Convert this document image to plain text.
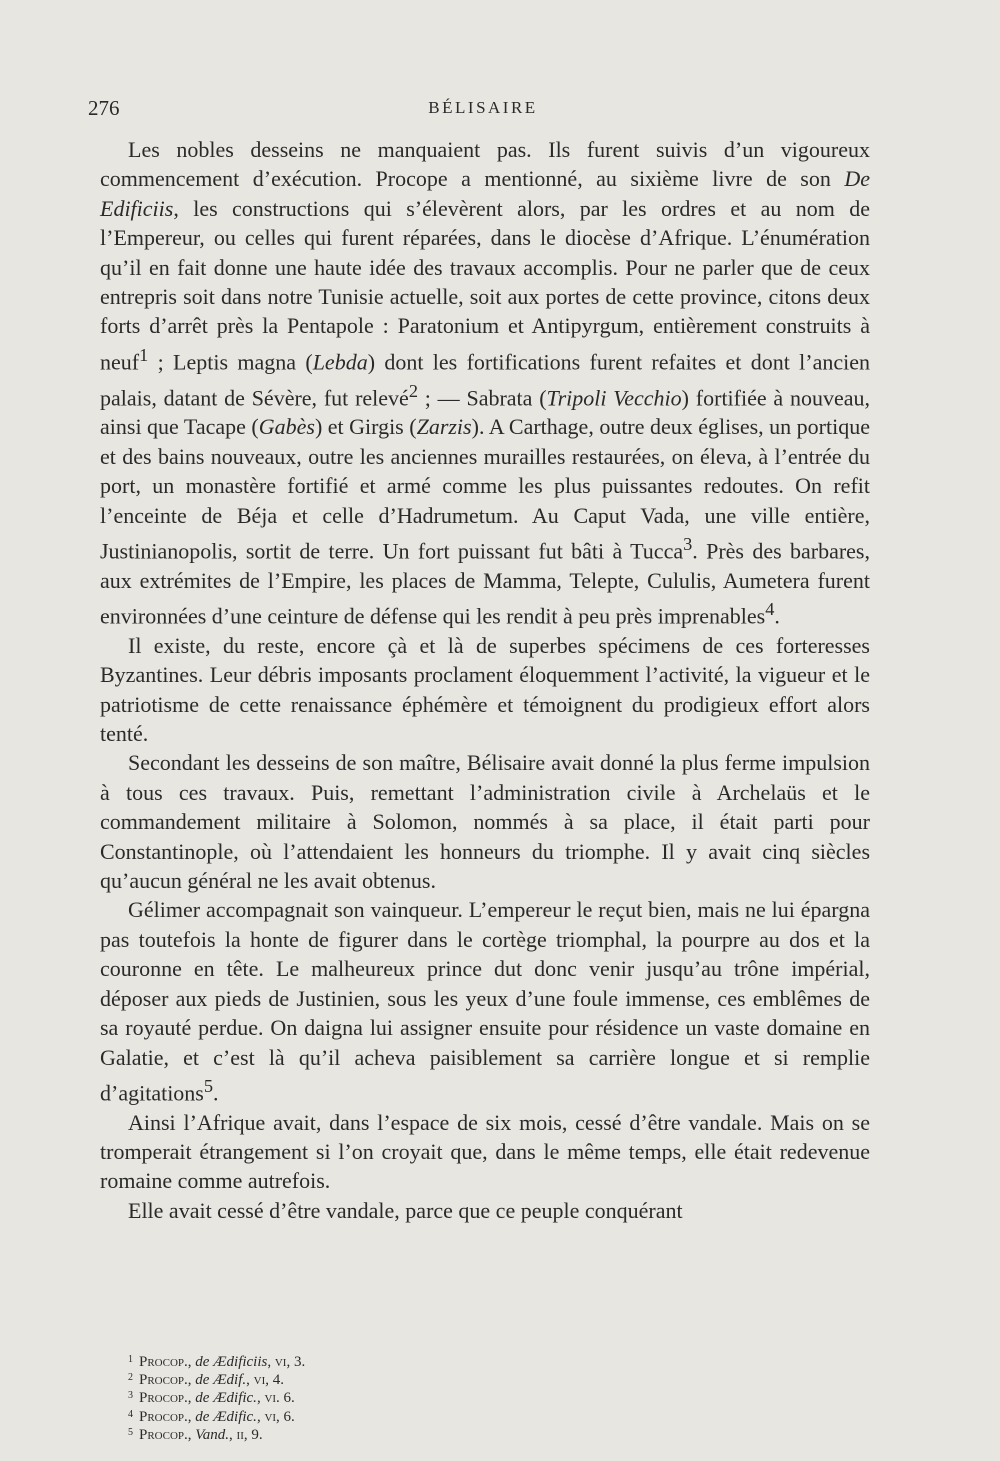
276	BÉLISAIRE

Les nobles desseins ne manquaient pas. Ils furent suivis d’un vigoureux commencement d’exécution. Procope a mentionné, au sixième livre de son De Edificiis, les constructions qui s’élevèrent alors, par les ordres et au nom de l’Empereur, ou celles qui furent réparées, dans le diocèse d’Afrique. L’énumération qu’il en fait donne une haute idée des travaux accomplis. Pour ne parler que de ceux entrepris soit dans notre Tunisie actuelle, soit aux portes de cette province, citons deux forts d’arrêt près la Pentapole : Paratonium et Antipyrgum, entièrement construits à neuf$^1$ ; Leptis magna (Lebda) dont les fortifications furent refaites et dont l’ancien palais, datant de Sévère, fut relevé$^2$ ; — Sabrata (Tripoli Vecchio) fortifiée à nouveau, ainsi que Tacape (Gabès) et Girgis (Zarzis). A Carthage, outre deux églises, un portique et des bains nouveaux, outre les anciennes murailles restaurées, on éleva, à l’entrée du port, un monastère fortifié et armé comme les plus puissantes redoutes. On refit l’enceinte de Béja et celle d’Hadrumetum. Au Caput Vada, une ville entière, Justinianopolis, sortit de terre. Un fort puissant fut bâti à Tucca$^3$. Près des barbares, aux extrémites de l’Empire, les places de Mamma, Telepte, Cululis, Aumetera furent environnées d’une ceinture de défense qui les rendit à peu près imprenables$^4$.

Il existe, du reste, encore çà et là de superbes spécimens de ces forteresses Byzantines. Leur débris imposants proclament éloquemment l’activité, la vigueur et le patriotisme de cette renaissance éphémère et témoignent du prodigieux effort alors tenté.

Secondant les desseins de son maître, Bélisaire avait donné la plus ferme impulsion à tous ces travaux. Puis, remettant l’administration civile à Archelaüs et le commandement militaire à Solomon, nommés à sa place, il était parti pour Constantinople, où l’attendaient les honneurs du triomphe. Il y avait cinq siècles qu’aucun général ne les avait obtenus.

Gélimer accompagnait son vainqueur. L’empereur le reçut bien, mais ne lui épargna pas toutefois la honte de figurer dans le cortège triomphal, la pourpre au dos et la couronne en tête. Le malheureux prince dut donc venir jusqu’au trône impérial, déposer aux pieds de Justinien, sous les yeux d’une foule immense, ces emblêmes de sa royauté perdue. On daigna lui assigner ensuite pour résidence un vaste domaine en Galatie, et c’est là qu’il acheva paisiblement sa carrière longue et si remplie d’agitations$^5$.

Ainsi l’Afrique avait, dans l’espace de six mois, cessé d’être vandale. Mais on se tromperait étrangement si l’on croyait que, dans le même temps, elle était redevenue romaine comme autrefois.

Elle avait cessé d’être vandale, parce que ce peuple conquérant

$^1$ Procop., de Ædificiis, vi, 3.
$^2$ Procop., de Ædif., vi, 4.
$^3$ Procop., de Ædific., vi. 6.
$^4$ Procop., de Ædific., vi, 6.
$^5$ Procop., Vand., ii, 9.
